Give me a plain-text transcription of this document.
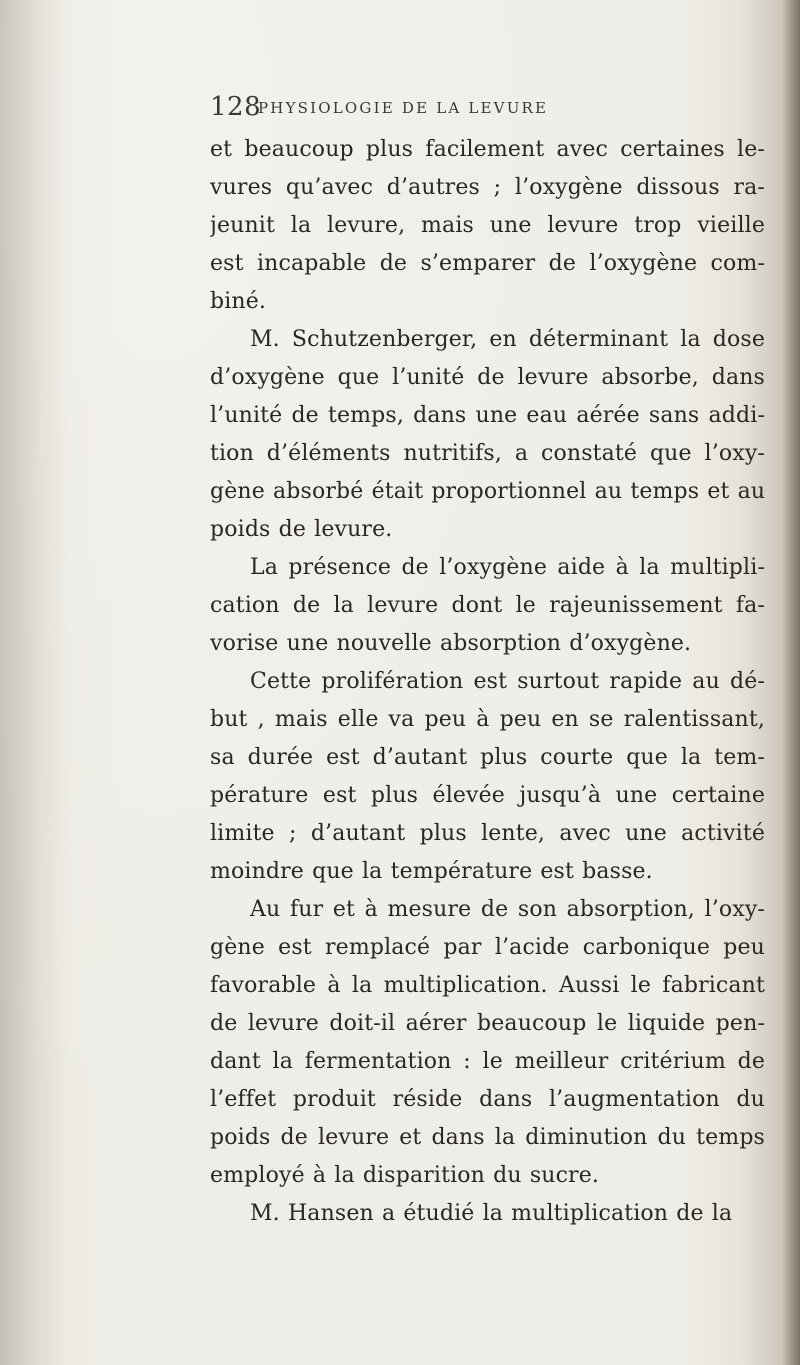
128
PHYSIOLOGIE DE LA LEVURE
et beaucoup plus facilement avec certaines le-
vures qu’avec d’autres ; l’oxygène dissous ra-
jeunit la levure, mais une levure trop vieille
est incapable de s’emparer de l’oxygène com-
biné.
M. Schutzenberger, en déterminant la dose
d’oxygène que l’unité de levure absorbe, dans
l’unité de temps, dans une eau aérée sans addi-
tion d’éléments nutritifs, a constaté que l’oxy-
gène absorbé était proportionnel au temps et au
poids de levure.
La présence de l’oxygène aide à la multipli-
cation de la levure dont le rajeunissement fa-
vorise une nouvelle absorption d’oxygène.
Cette prolifération est surtout rapide au dé-
but , mais elle va peu à peu en se ralentissant,
sa durée est d’autant plus courte que la tem-
pérature est plus élevée jusqu’à une certaine
limite ; d’autant plus lente, avec une activité
moindre que la température est basse.
Au fur et à mesure de son absorption, l’oxy-
gène est remplacé par l’acide carbonique peu
favorable à la multiplication. Aussi le fabricant
de levure doit-il aérer beaucoup le liquide pen-
dant la fermentation : le meilleur critérium de
l’effet produit réside dans l’augmentation du
poids de levure et dans la diminution du temps
employé à la disparition du sucre.
M. Hansen a étudié la multiplication de la
